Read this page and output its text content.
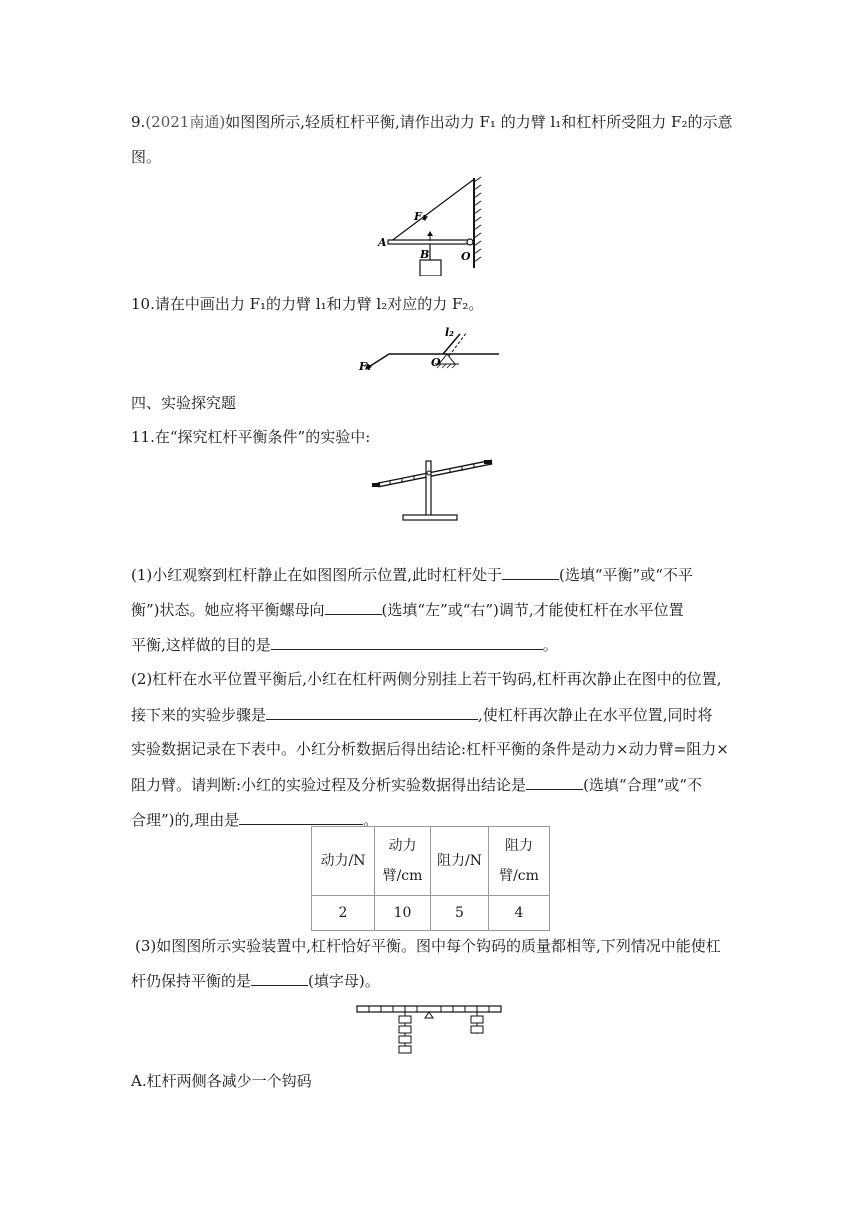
9.(2021南通)如图图所示,轻质杠杆平衡,请作出动力 F₁ 的力臂 l₁和杠杆所受阻力 F₂的示意
图。
F₁
A
B	O
10.请在中画出力 F₁的力臂 l₁和力臂 l₂对应的力 F₂。
l₂
O
F₁
四、实验探究题
11.在“探究杠杆平衡条件”的实验中:
(1)小红观察到杠杆静止在如图图所示位置,此时杠杆处于	(选填“平衡”或“不平
衡”)状态。她应将平衡螺母向	(选填“左”或“右”)调节,才能使杠杆在水平位置
平衡,这样做的目的是	。
(2)杠杆在水平位置平衡后,小红在杠杆两侧分别挂上若干钩码,杠杆再次静止在图中的位置,
接下来的实验步骤是	,使杠杆再次静止在水平位置,同时将
实验数据记录在下表中。小红分析数据后得出结论:杠杆平衡的条件是动力×动力臂=阻力×
阻力臂。请判断:小红的实验过程及分析实验数据得出结论是	(选填“合理”或“不
合理”)的,理由是	。
动力/N	动力臂/cm	阻力/N	阻力臂/cm
2	10	5	4
(3)如图图所示实验装置中,杠杆恰好平衡。图中每个钩码的质量都相等,下列情况中能使杠
杆仍保持平衡的是	(填字母)。
A.杠杆两侧各减少一个钩码
